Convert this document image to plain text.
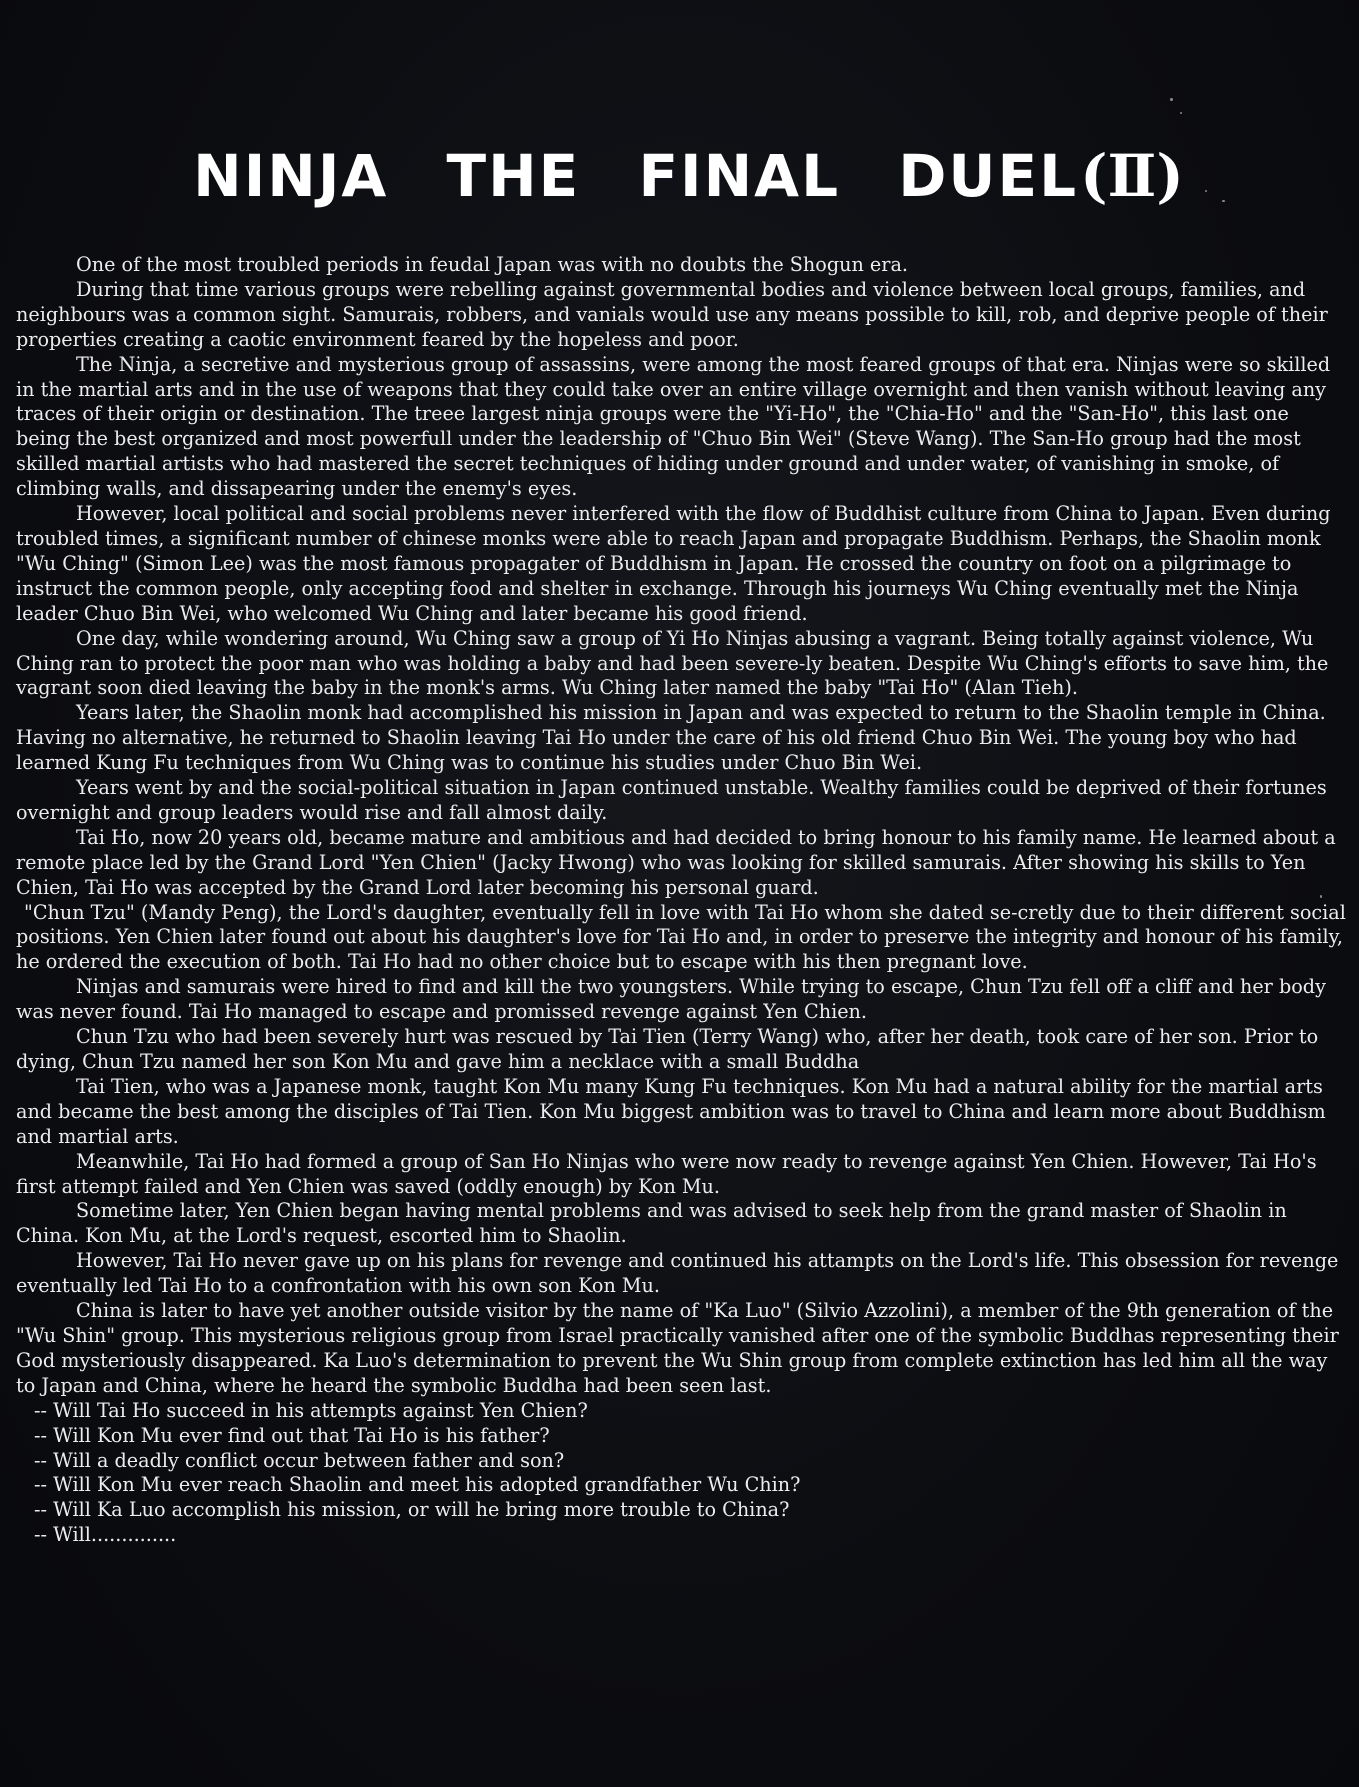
NINJA THE FINAL DUEL(Ⅱ)

One of the most troubled periods in feudal Japan was with no doubts the Shogun era.

During that time various groups were rebelling against governmental bodies and violence between local groups, families, and neighbours was a common sight. Samurais, robbers, and vanials would use any means possible to kill, rob, and deprive people of their properties creating a caotic environment feared by the hopeless and poor.

The Ninja, a secretive and mysterious group of assassins, were among the most feared groups of that era. Ninjas were so skilled in the martial arts and in the use of weapons that they could take over an entire village overnight and then vanish without leaving any traces of their origin or destination. The treee largest ninja groups were the "Yi-Ho", the "Chia-Ho" and the "San-Ho", this last one being the best organized and most powerfull under the leadership of "Chuo Bin Wei" (Steve Wang). The San-Ho group had the most skilled martial artists who had mastered the secret techniques of hiding under ground and under water, of vanishing in smoke, of climbing walls, and dissapearing under the enemy's eyes.

However, local political and social problems never interfered with the flow of Buddhist culture from China to Japan. Even during troubled times, a significant number of chinese monks were able to reach Japan and propagate Buddhism. Perhaps, the Shaolin monk "Wu Ching" (Simon Lee) was the most famous propagater of Buddhism in Japan. He crossed the country on foot on a pilgrimage to instruct the common people, only accepting food and shelter in exchange. Through his journeys Wu Ching eventually met the Ninja leader Chuo Bin Wei, who welcomed Wu Ching and later became his good friend.

One day, while wondering around, Wu Ching saw a group of Yi Ho Ninjas abusing a vagrant. Being totally against violence, Wu Ching ran to protect the poor man who was holding a baby and had been severe-ly beaten. Despite Wu Ching's efforts to save him, the vagrant soon died leaving the baby in the monk's arms. Wu Ching later named the baby "Tai Ho" (Alan Tieh).

Years later, the Shaolin monk had accomplished his mission in Japan and was expected to return to the Shaolin temple in China. Having no alternative, he returned to Shaolin leaving Tai Ho under the care of his old friend Chuo Bin Wei. The young boy who had learned Kung Fu techniques from Wu Ching was to continue his studies under Chuo Bin Wei.

Years went by and the social-political situation in Japan continued unstable. Wealthy families could be deprived of their fortunes overnight and group leaders would rise and fall almost daily.

Tai Ho, now 20 years old, became mature and ambitious and had decided to bring honour to his family name. He learned about a remote place led by the Grand Lord "Yen Chien" (Jacky Hwong) who was looking for skilled samurais. After showing his skills to Yen Chien, Tai Ho was accepted by the Grand Lord later becoming his personal guard.

"Chun Tzu" (Mandy Peng), the Lord's daughter, eventually fell in love with Tai Ho whom she dated se-cretly due to their different social positions. Yen Chien later found out about his daughter's love for Tai Ho and, in order to preserve the integrity and honour of his family, he ordered the execution of both. Tai Ho had no other choice but to escape with his then pregnant love.

Ninjas and samurais were hired to find and kill the two youngsters. While trying to escape, Chun Tzu fell off a cliff and her body was never found. Tai Ho managed to escape and promissed revenge against Yen Chien.

Chun Tzu who had been severely hurt was rescued by Tai Tien (Terry Wang) who, after her death, took care of her son. Prior to dying, Chun Tzu named her son Kon Mu and gave him a necklace with a small Buddha

Tai Tien, who was a Japanese monk, taught Kon Mu many Kung Fu techniques. Kon Mu had a natural ability for the martial arts and became the best among the disciples of Tai Tien. Kon Mu biggest ambition was to travel to China and learn more about Buddhism and martial arts.

Meanwhile, Tai Ho had formed a group of San Ho Ninjas who were now ready to revenge against Yen Chien. However, Tai Ho's first attempt failed and Yen Chien was saved (oddly enough) by Kon Mu.

Sometime later, Yen Chien began having mental problems and was advised to seek help from the grand master of Shaolin in China. Kon Mu, at the Lord's request, escorted him to Shaolin.

However, Tai Ho never gave up on his plans for revenge and continued his attampts on the Lord's life. This obsession for revenge eventually led Tai Ho to a confrontation with his own son Kon Mu.

China is later to have yet another outside visitor by the name of "Ka Luo" (Silvio Azzolini), a member of the 9th generation of the "Wu Shin" group. This mysterious religious group from Israel practically vanished after one of the symbolic Buddhas representing their God mysteriously disappeared. Ka Luo's determination to prevent the Wu Shin group from complete extinction has led him all the way to Japan and China, where he heard the symbolic Buddha had been seen last.

-- Will Tai Ho succeed in his attempts against Yen Chien?
-- Will Kon Mu ever find out that Tai Ho is his father?
-- Will a deadly conflict occur between father and son?
-- Will Kon Mu ever reach Shaolin and meet his adopted grandfather Wu Chin?
-- Will Ka Luo accomplish his mission, or will he bring more trouble to China?
-- Will..............
